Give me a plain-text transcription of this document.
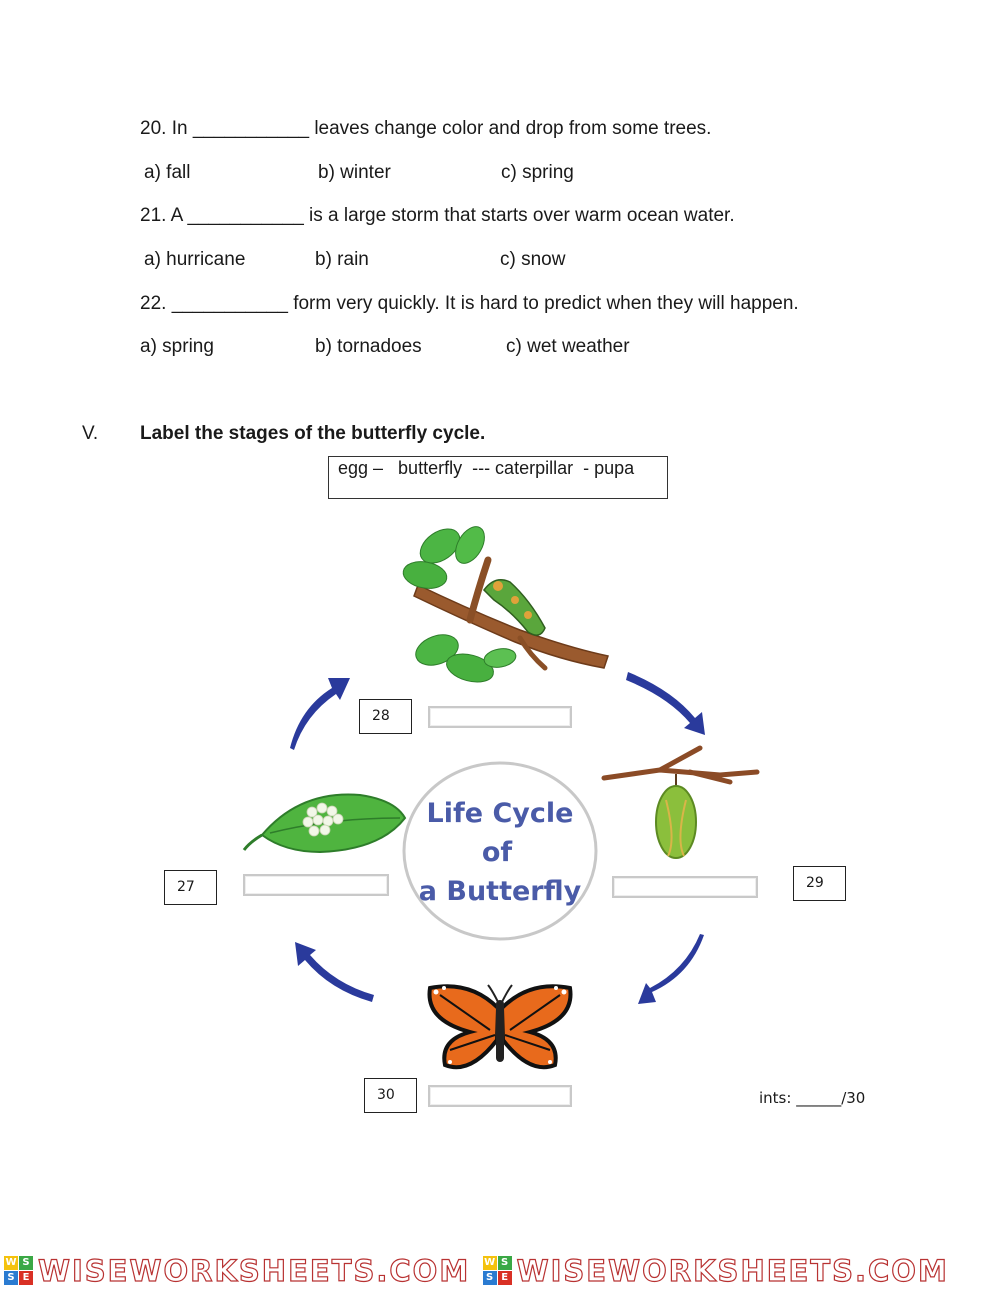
20. In ___________ leaves change color and drop from some trees.
a) fall	b) winter	c) spring
21. A ___________ is a large storm that starts over warm ocean water.
a) hurricane	b) rain	c) snow
22. ___________ form very quickly. It is hard to predict when they will happen.
a) spring	b) tornadoes	c) wet weather
V. Label the stages of the butterfly cycle.
egg –   butterfly  --- caterpillar  - pupa
Life Cycle
of
a Butterfly
28
27	29
30	ints: ______/30
W S
S E WISEWORKSHEETS.COM W S
S E WISEWORKSHEETS.COM
